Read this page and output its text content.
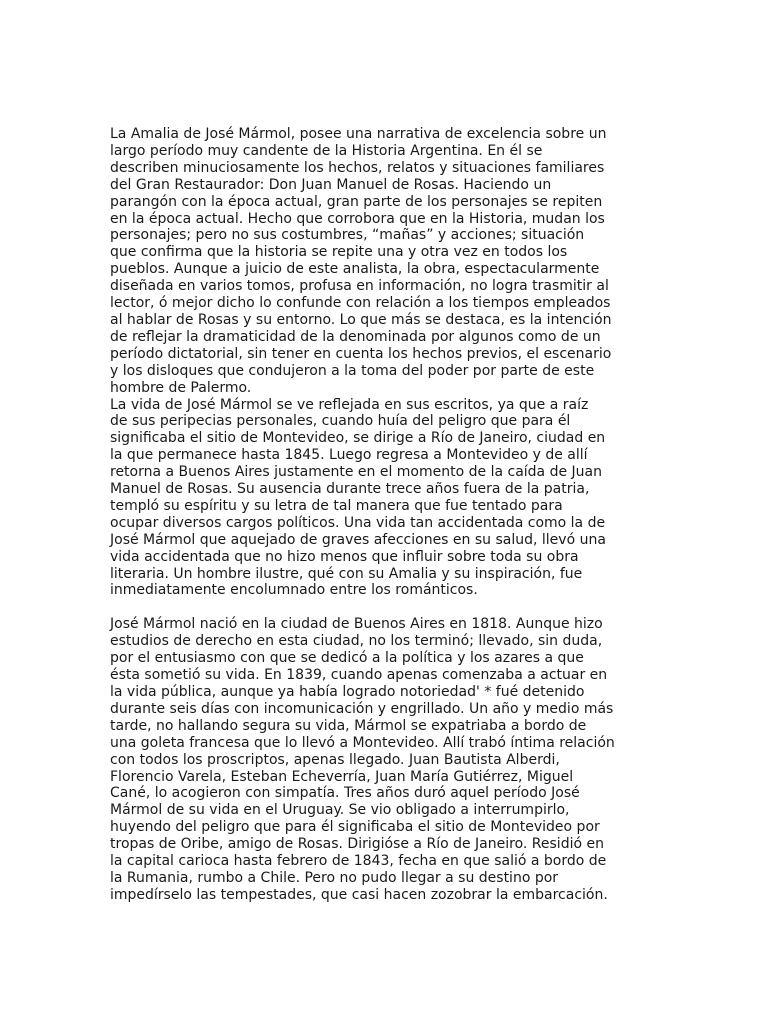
La Amalia de José Mármol, posee una narrativa de excelencia sobre un
largo período muy candente de la Historia Argentina. En él se
describen minuciosamente los hechos, relatos y situaciones familiares
del Gran Restaurador: Don Juan Manuel de Rosas. Haciendo un
parangón con la época actual, gran parte de los personajes se repiten
en la época actual. Hecho que corrobora que en la Historia, mudan los
personajes; pero no sus costumbres, “mañas” y acciones; situación
que confirma que la historia se repite una y otra vez en todos los
pueblos. Aunque a juicio de este analista, la obra, espectacularmente
diseñada en varios tomos, profusa en información, no logra trasmitir al
lector, ó mejor dicho lo confunde con relación a los tiempos empleados
al hablar de Rosas y su entorno. Lo que más se destaca, es la intención
de reflejar la dramaticidad de la denominada por algunos como de un
período dictatorial, sin tener en cuenta los hechos previos, el escenario
y los disloques que condujeron a la toma del poder por parte de este
hombre de Palermo.

La vida de José Mármol se ve reflejada en sus escritos, ya que a raíz
de sus peripecias personales, cuando huía del peligro que para él
significaba el sitio de Montevideo, se dirige a Río de Janeiro, ciudad en
la que permanece hasta 1845. Luego regresa a Montevideo y de allí
retorna a Buenos Aires justamente en el momento de la caída de Juan
Manuel de Rosas. Su ausencia durante trece años fuera de la patria,
templó su espíritu y su letra de tal manera que fue tentado para
ocupar diversos cargos políticos. Una vida tan accidentada como la de
José Mármol que aquejado de graves afecciones en su salud, llevó una
vida accidentada que no hizo menos que influir sobre toda su obra
literaria. Un hombre ilustre, qué con su Amalia y su inspiración, fue
inmediatamente encolumnado entre los románticos.

José Mármol nació en la ciudad de Buenos Aires en 1818. Aunque hizo
estudios de derecho en esta ciudad, no los terminó; llevado, sin duda,
por el entusiasmo con que se dedicó a la política y los azares a que
ésta sometió su vida. En 1839, cuando apenas comenzaba a actuar en
la vida pública, aunque ya había logrado notoriedad' * fué detenido
durante seis días con incomunicación y engrillado. Un año y medio más
tarde, no hallando segura su vida, Mármol se expatriaba a bordo de
una goleta francesa que lo llevó a Montevideo. Allí trabó íntima relación
con todos los proscriptos, apenas llegado. Juan Bautista Alberdi,
Florencio Varela, Esteban Echeverría, Juan María Gutiérrez, Miguel
Cané, lo acogieron con simpatía. Tres años duró aquel período José
Mármol de su vida en el Uruguay. Se vio obligado a interrumpirlo,
huyendo del peligro que para él significaba el sitio de Montevideo por
tropas de Oribe, amigo de Rosas. Dirigióse a Río de Janeiro. Residió en
la capital carioca hasta febrero de 1843, fecha en que salió a bordo de
la Rumania, rumbo a Chile. Pero no pudo llegar a su destino por
impedírselo las tempestades, que casi hacen zozobrar la embarcación.
